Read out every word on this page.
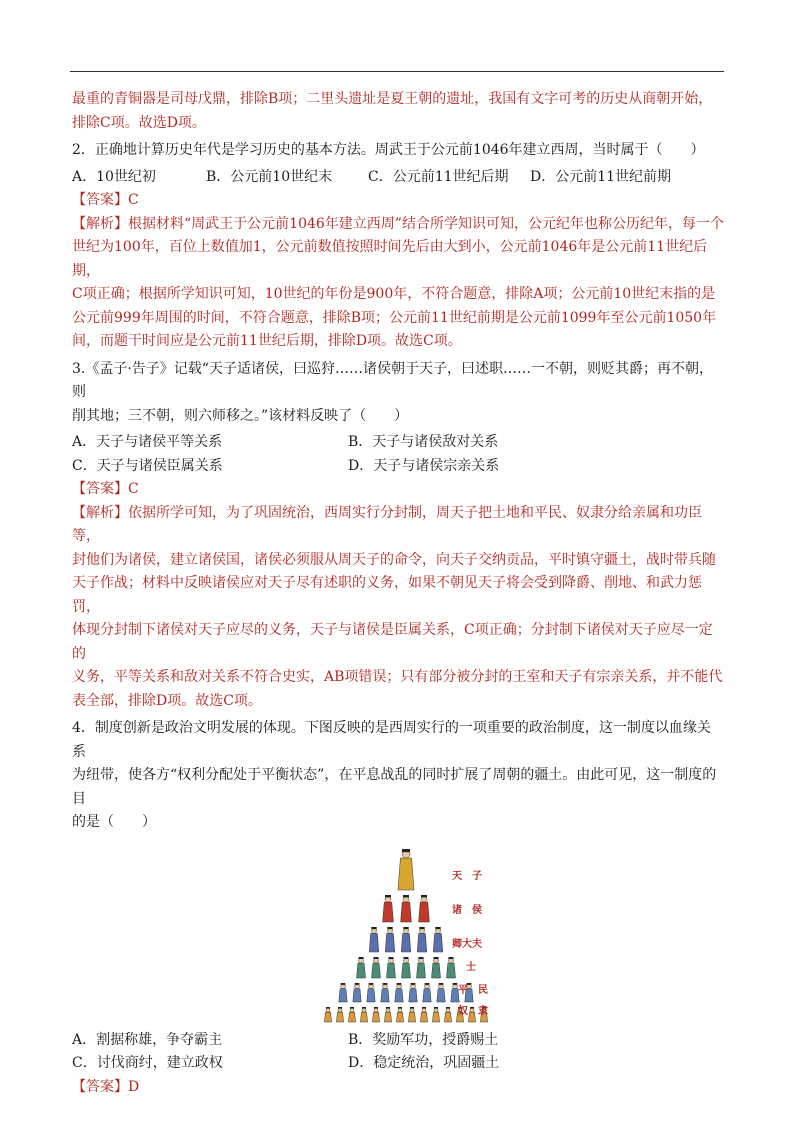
最重的青铜器是司母戊鼎，排除B项；二里头遗址是夏王朝的遗址，我国有文字可考的历史从商朝开始，
排除C项。故选D项。
2．正确地计算历史年代是学习历史的基本方法。周武王于公元前1046年建立西周，当时属于（　　）
A．10世纪初	B．公元前10世纪末	C．公元前11世纪后期	D．公元前11世纪前期
【答案】C
【解析】根据材料“周武王于公元前1046年建立西周”结合所学知识可知，公元纪年也称公历纪年，每一个
世纪为100年，百位上数值加1，公元前数值按照时间先后由大到小，公元前1046年是公元前11世纪后期，
C项正确；根据所学知识可知，10世纪的年份是900年，不符合题意，排除A项；公元前10世纪末指的是
公元前999年周围的时间，不符合题意，排除B项；公元前11世纪前期是公元前1099年至公元前1050年
间，而题干时间应是公元前11世纪后期，排除D项。故选C项。
3.《孟子·告子》记载“天子适诸侯，曰巡狩……诸侯朝于天子，曰述职……一不朝，则贬其爵；再不朝，则
削其地；三不朝，则六师移之。”该材料反映了（　　）
A．天子与诸侯平等关系	B．天子与诸侯敌对关系
C．天子与诸侯臣属关系	D．天子与诸侯宗亲关系
【答案】C
【解析】依据所学可知，为了巩固统治，西周实行分封制，周天子把土地和平民、奴隶分给亲属和功臣等，
封他们为诸侯，建立诸侯国，诸侯必须服从周天子的命令，向天子交纳贡品，平时镇守疆土，战时带兵随
天子作战；材料中反映诸侯应对天子尽有述职的义务，如果不朝见天子将会受到降爵、削地、和武力惩罚，
体现分封制下诸侯对天子应尽的义务，天子与诸侯是臣属关系，C项正确；分封制下诸侯对天子应尽一定的
义务，平等关系和敌对关系不符合史实，AB项错误；只有部分被分封的王室和天子有宗亲关系，并不能代
表全部，排除D项。故选C项。
4．制度创新是政治文明发展的体现。下图反映的是西周实行的一项重要的政治制度，这一制度以血缘关系
为纽带，使各方“权利分配处于平衡状态”，在平息战乱的同时扩展了周朝的疆土。由此可见，这一制度的目
的是（　　）
天子
诸侯
卿大夫
士
平民
奴隶
A．割据称雄，争夺霸主	B．奖励军功，授爵赐土
C．讨伐商纣，建立政权	D．稳定统治，巩固疆土
【答案】D
